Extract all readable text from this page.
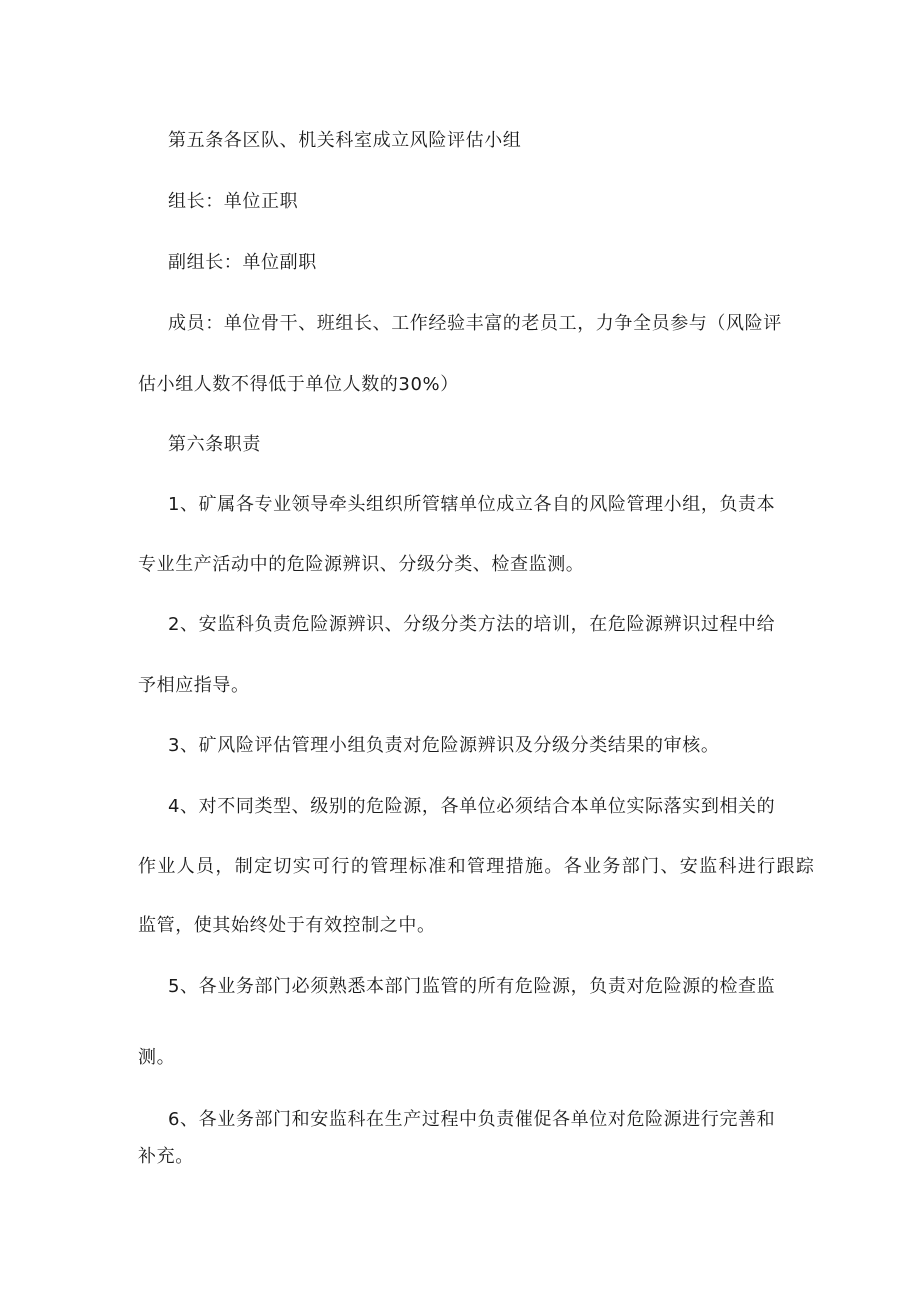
第五条各区队、机关科室成立风险评估小组
组长：单位正职
副组长：单位副职
成员：单位骨干、班组长、工作经验丰富的老员工，力争全员参与（风险评
估小组人数不得低于单位人数的30%）
第六条职责
1、矿属各专业领导牵头组织所管辖单位成立各自的风险管理小组，负责本
专业生产活动中的危险源辨识、分级分类、检查监测。
2、安监科负责危险源辨识、分级分类方法的培训，在危险源辨识过程中给
予相应指导。
3、矿风险评估管理小组负责对危险源辨识及分级分类结果的审核。
4、对不同类型、级别的危险源，各单位必须结合本单位实际落实到相关的
作业人员，制定切实可行的管理标准和管理措施。各业务部门、安监科进行跟踪
监管，使其始终处于有效控制之中。
5、各业务部门必须熟悉本部门监管的所有危险源，负责对危险源的检查监
测。
6、各业务部门和安监科在生产过程中负责催促各单位对危险源进行完善和
补充。
